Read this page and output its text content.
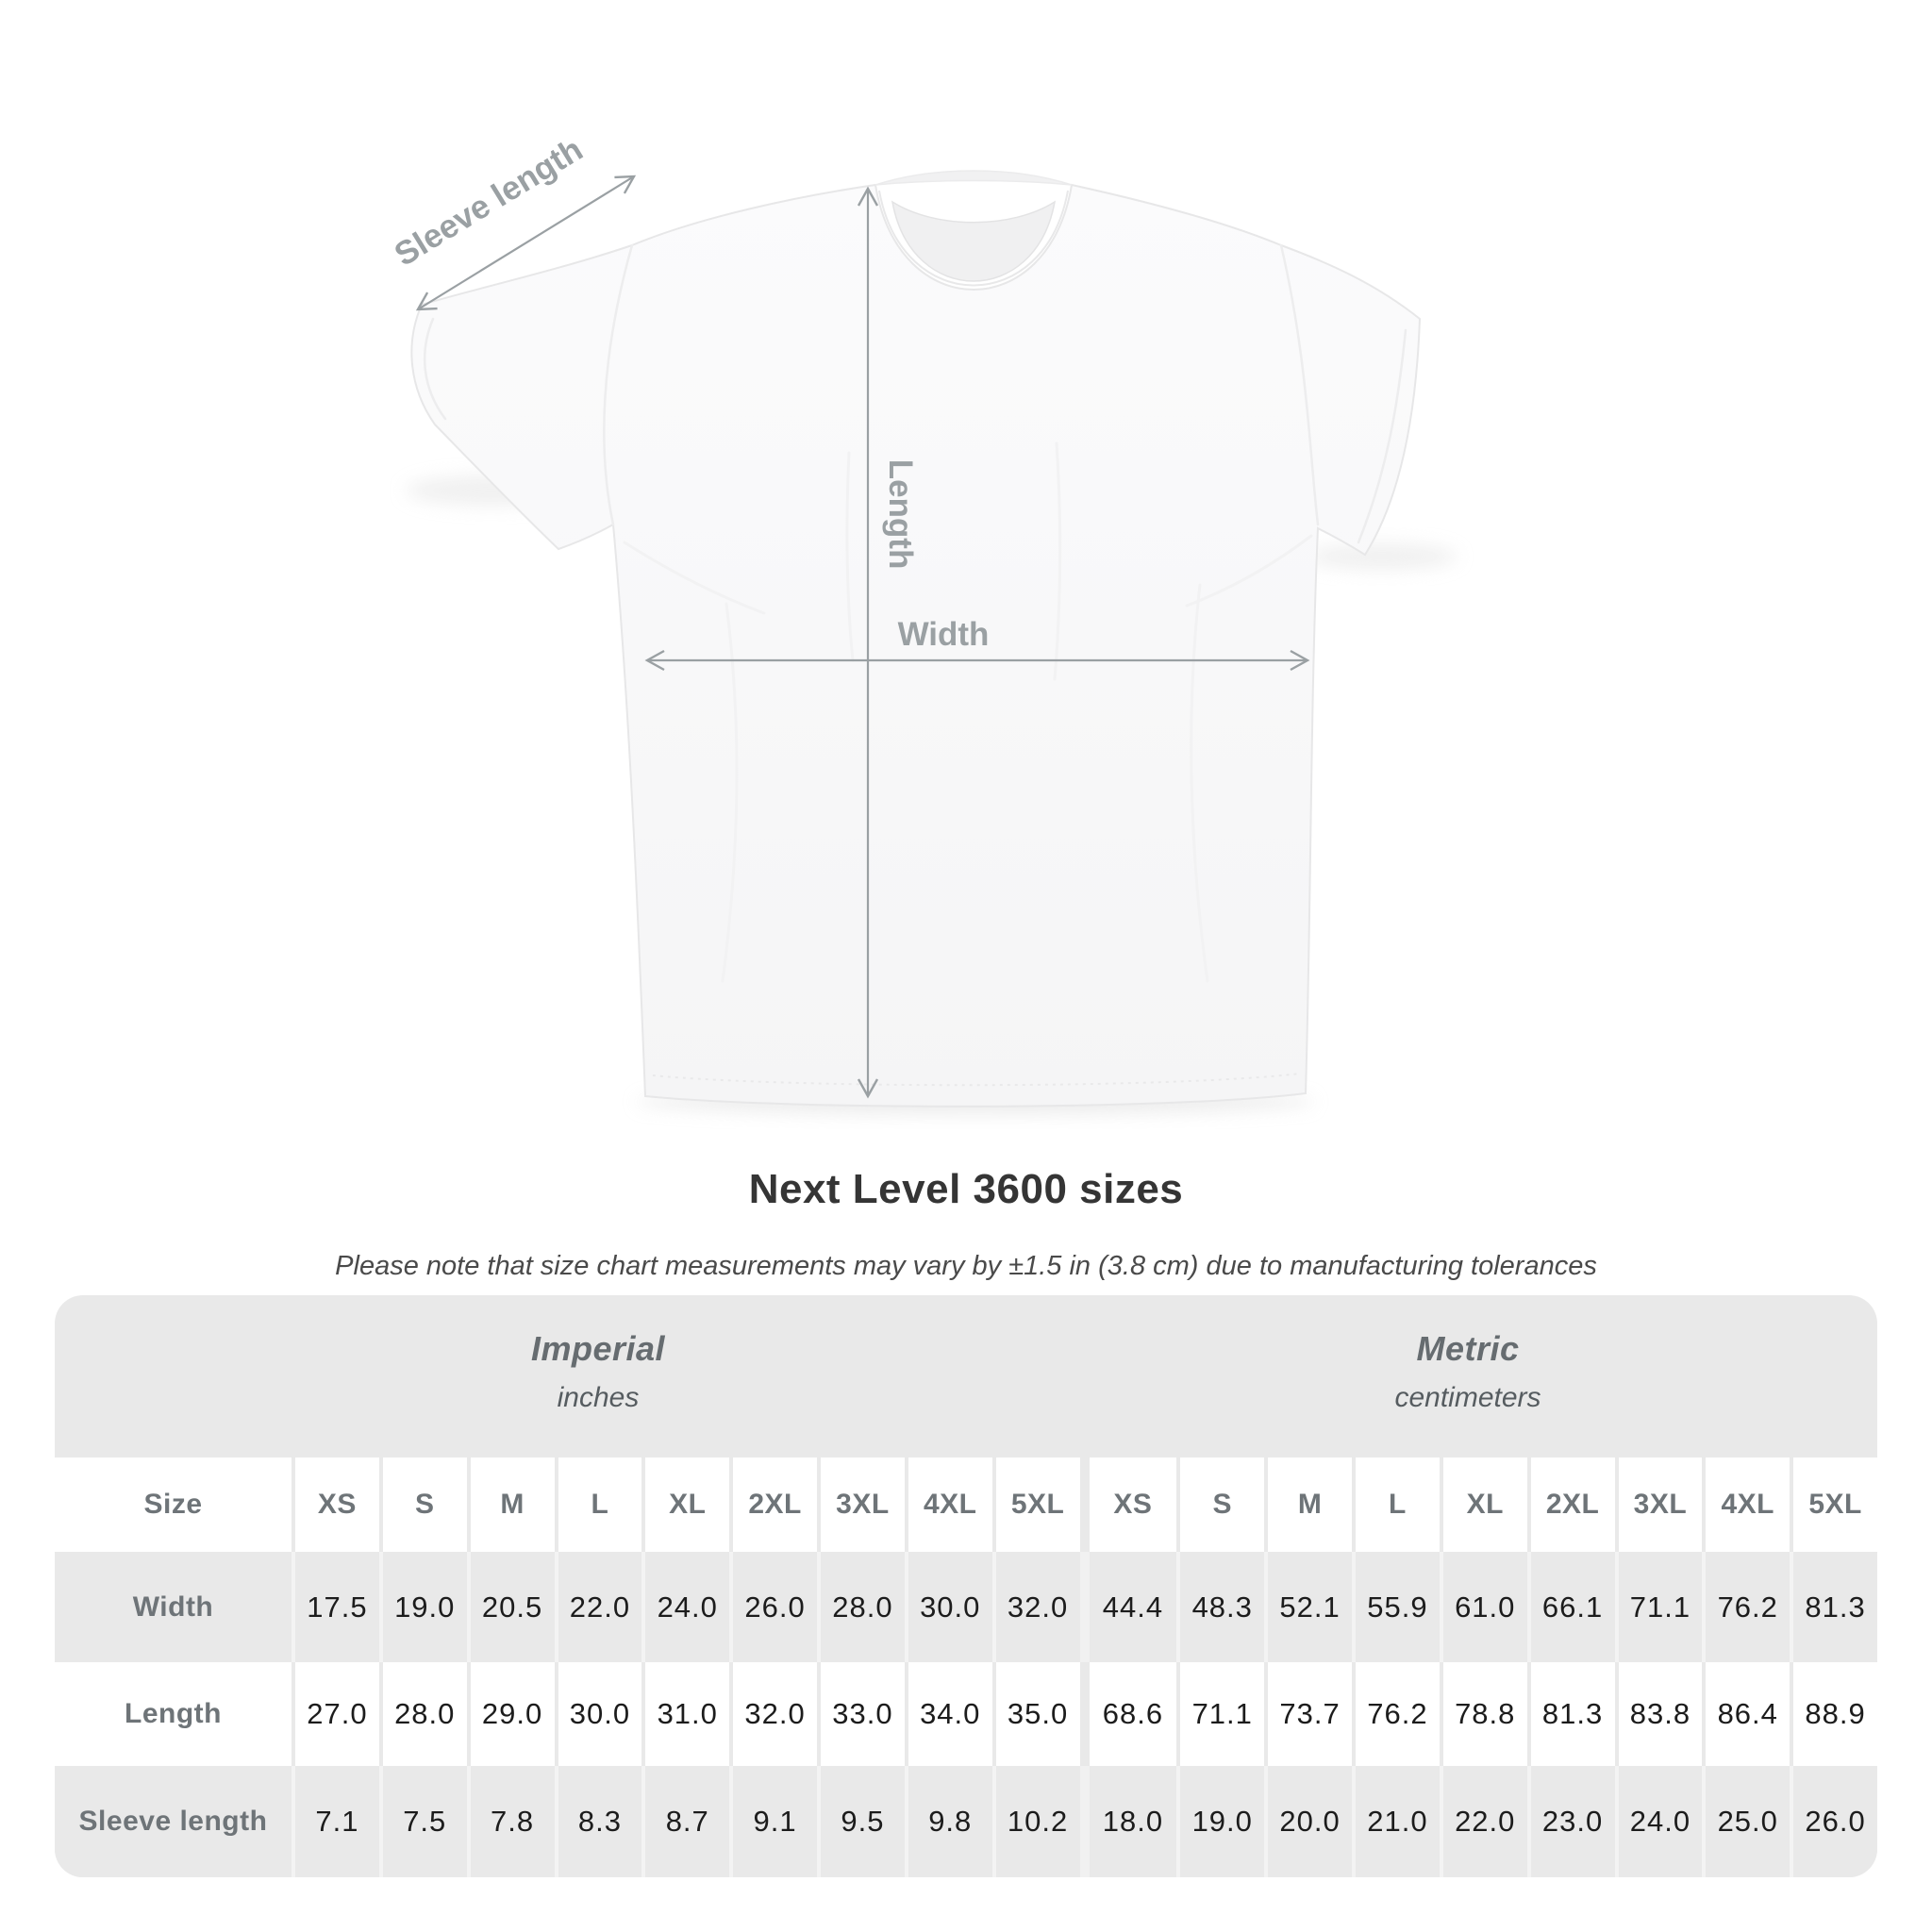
Sleeve length
Length
Width
Next Level 3600 sizes

Please note that size chart measurements may vary by ±1.5 in (3.8 cm) due to manufacturing tolerances

Imperial
inches
Metric
centimeters
Size	XS	S	M	L	XL	2XL	3XL	4XL	5XL	XS	S	M	L	XL	2XL	3XL	4XL	5XL
Width	17.5 19.0 20.5 22.0 24.0 26.0 28.0 30.0 32.0	44.4 48.3 52.1 55.9 61.0 66.1 71.1 76.2 81.3
Length	27.0 28.0 29.0 30.0 31.0 32.0 33.0 34.0 35.0	68.6 71.1 73.7 76.2 78.8 81.3 83.8 86.4 88.9
Sleeve length	7.1	7.5	7.8	8.3	8.7	9.1	9.5	9.8	10.2	18.0 19.0 20.0 21.0 22.0 23.0 24.0 25.0 26.0
